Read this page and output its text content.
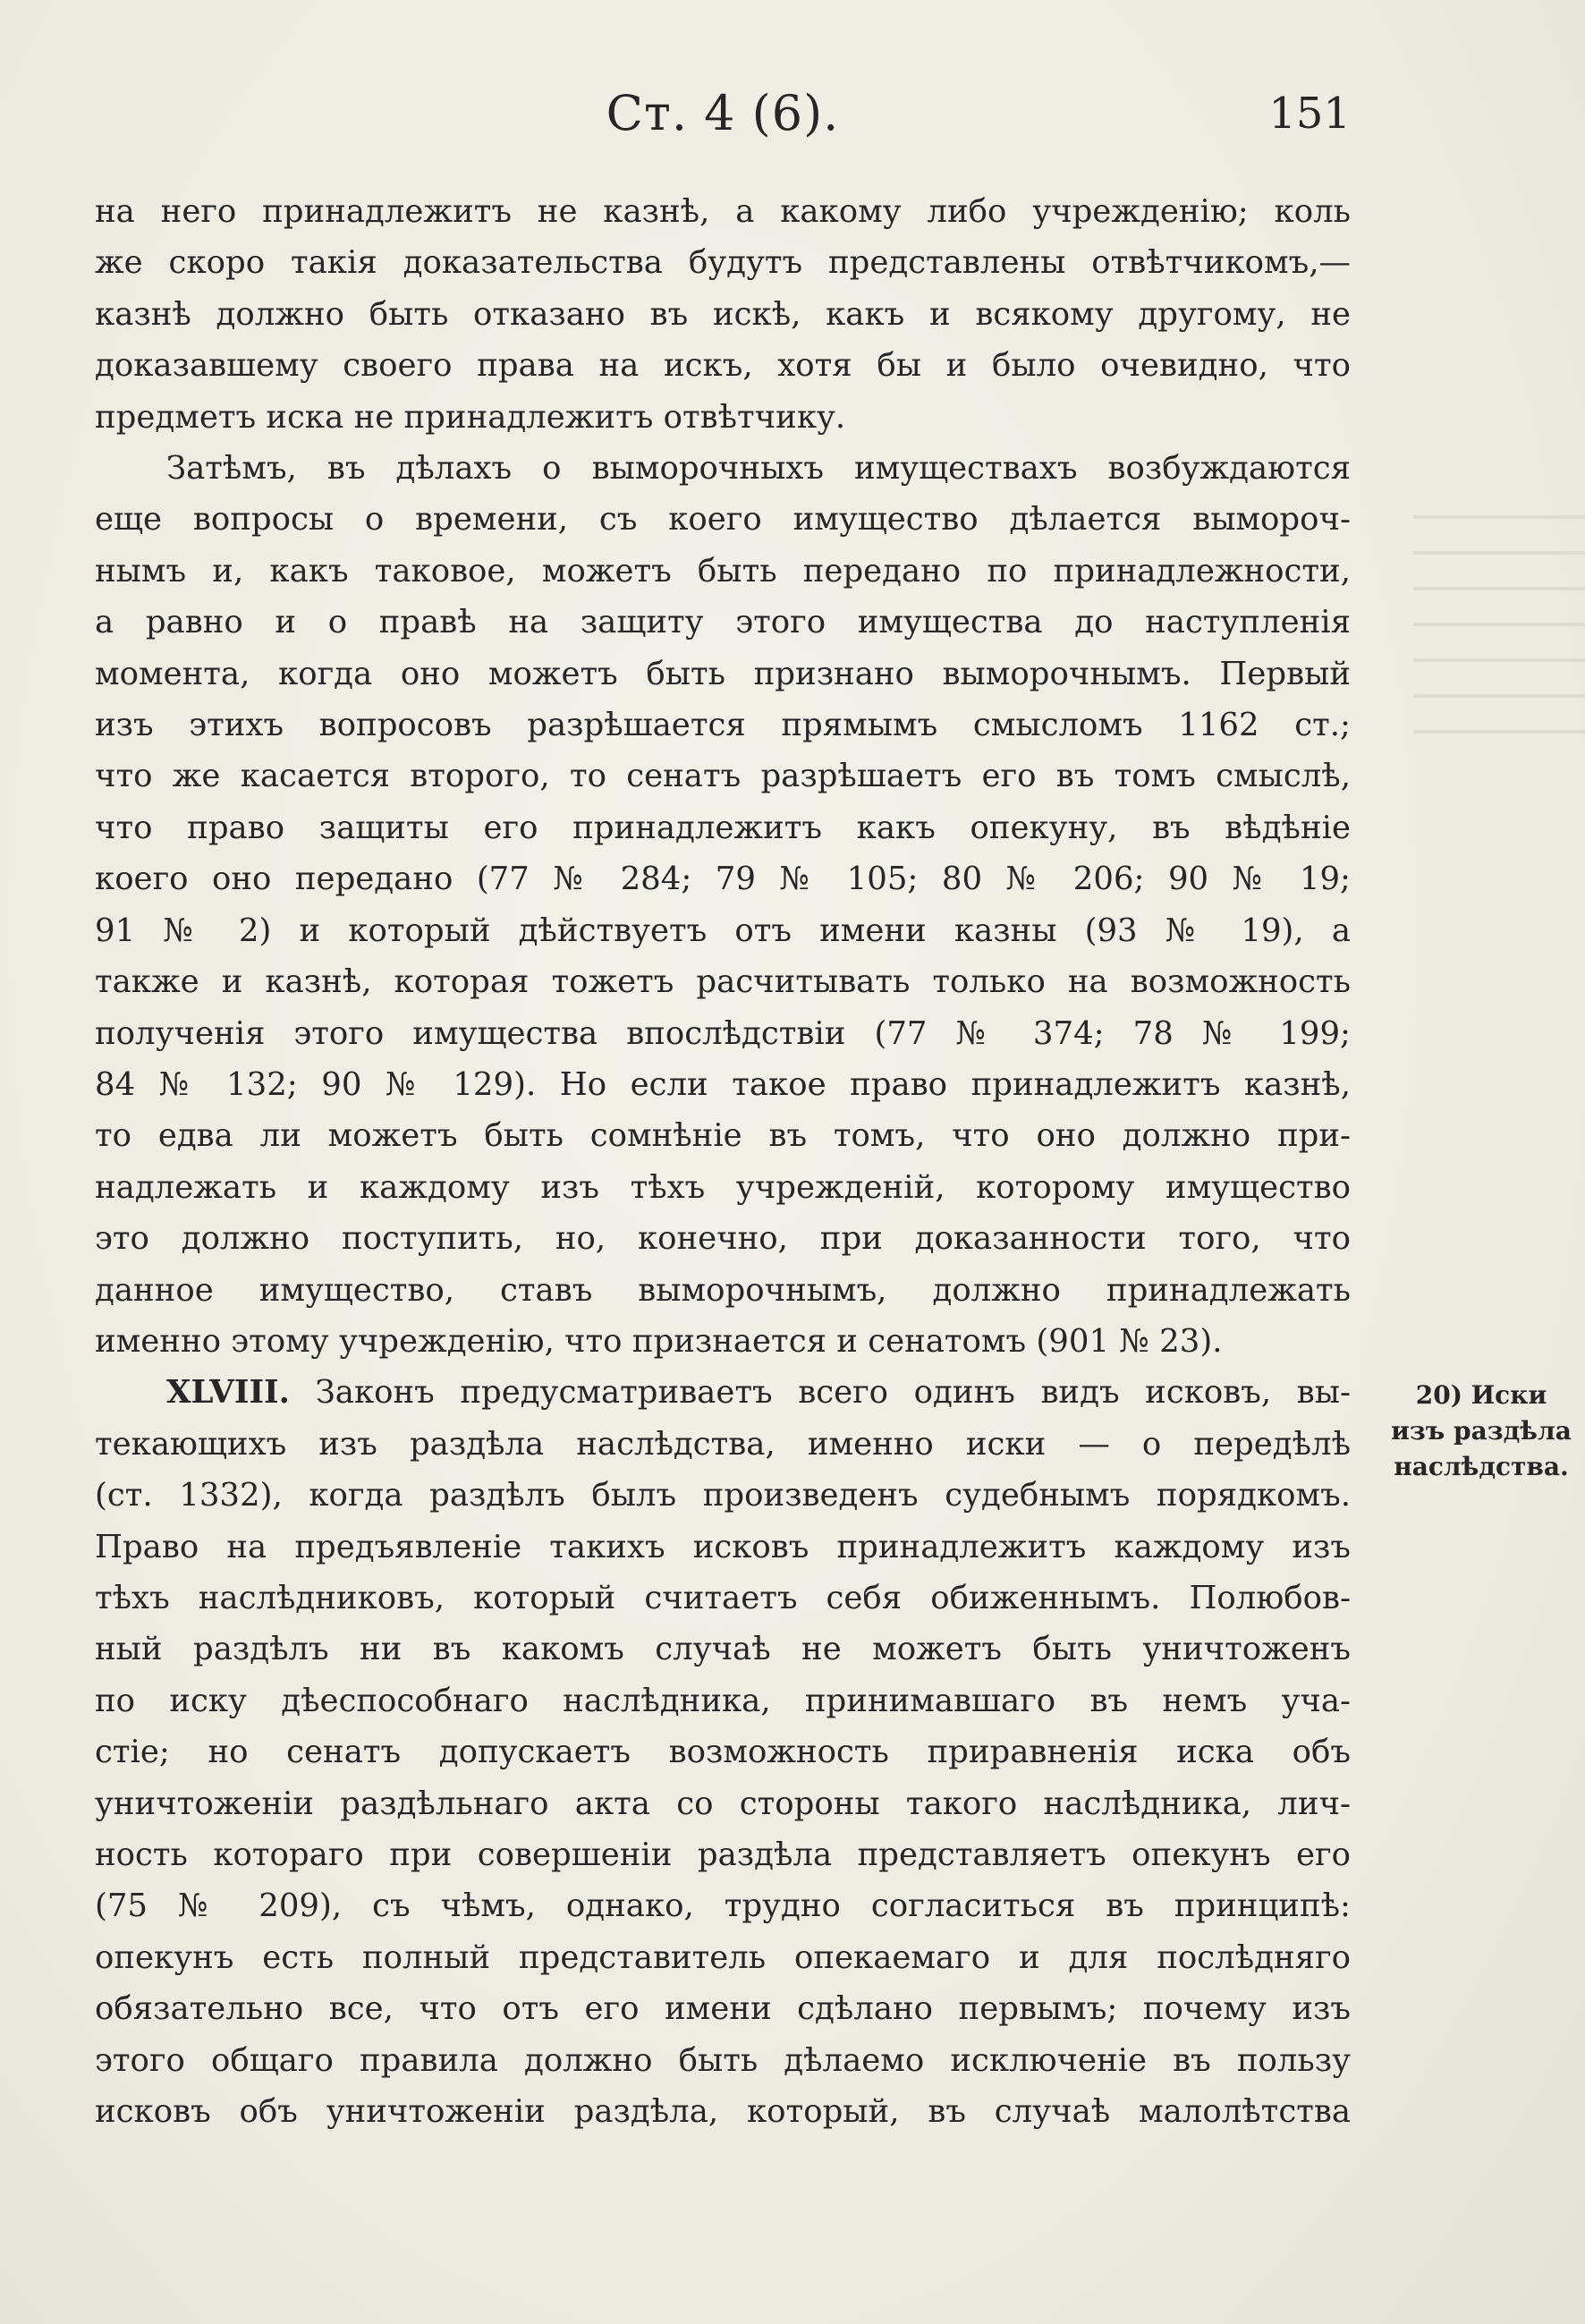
Ст. 4 (6).	151

на него принадлежитъ не казнѣ, а какому либо учрежденію; коль
же скоро такія доказательства будутъ представлены отвѣтчикомъ,—
казнѣ должно быть отказано въ искѣ, какъ и всякому другому, не
доказавшему своего права на искъ, хотя бы и было очевидно, что
предметъ иска не принадлежитъ отвѣтчику.

Затѣмъ, въ дѣлахъ о выморочныхъ имуществахъ возбуждаются
еще вопросы о времени, съ коего имущество дѣлается вымороч-
нымъ и, какъ таковое, можетъ быть передано по принадлежности,
а равно и о правѣ на защиту этого имущества до наступленія
момента, когда оно можетъ быть признано выморочнымъ. Первый
изъ этихъ вопросовъ разрѣшается прямымъ смысломъ 1162 ст.;
что же касается второго, то сенатъ разрѣшаетъ его въ томъ смыслѣ,
что право защиты его принадлежитъ какъ опекуну, въ вѣдѣніе
коего оно передано (77 № 284; 79 № 105; 80 № 206; 90 № 19;
91 № 2) и который дѣйствуетъ отъ имени казны (93 № 19), а
также и казнѣ, которая тожетъ расчитывать только на возможность
полученія этого имущества впослѣдствіи (77 № 374; 78 № 199;
84 № 132; 90 № 129). Но если такое право принадлежитъ казнѣ,
то едва ли можетъ быть сомнѣніе въ томъ, что оно должно при-
надлежать и каждому изъ тѣхъ учрежденій, которому имущество
это должно поступить, но, конечно, при доказанности того, что
данное имущество, ставъ выморочнымъ, должно принадлежать
именно этому учрежденію, что признается и сенатомъ (901 № 23).

XLVIII. Законъ предусматриваетъ всего одинъ видъ исковъ, вы-
текающихъ изъ раздѣла наслѣдства, именно иски — о передѣлѣ
(ст. 1332), когда раздѣлъ былъ произведенъ судебнымъ порядкомъ.
Право на предъявленіе такихъ исковъ принадлежитъ каждому изъ
тѣхъ наслѣдниковъ, который считаетъ себя обиженнымъ. Полюбов-
ный раздѣлъ ни въ какомъ случаѣ не можетъ быть уничтоженъ
по иску дѣеспособнаго наслѣдника, принимавшаго въ немъ уча-
стіе; но сенатъ допускаетъ возможность приравненія иска объ
уничтоженіи раздѣльнаго акта со стороны такого наслѣдника, лич-
ность котораго при совершеніи раздѣла представляетъ опекунъ его
(75 № 209), съ чѣмъ, однако, трудно согласиться въ принципѣ:
опекунъ есть полный представитель опекаемаго и для послѣдняго
обязательно все, что отъ его имени сдѣлано первымъ; почему изъ
этого общаго правила должно быть дѣлаемо исключеніе въ пользу
исковъ объ уничтоженіи раздѣла, который, въ случаѣ малолѣтства

20) Иски
изъ раздѣла
наслѣдства.
